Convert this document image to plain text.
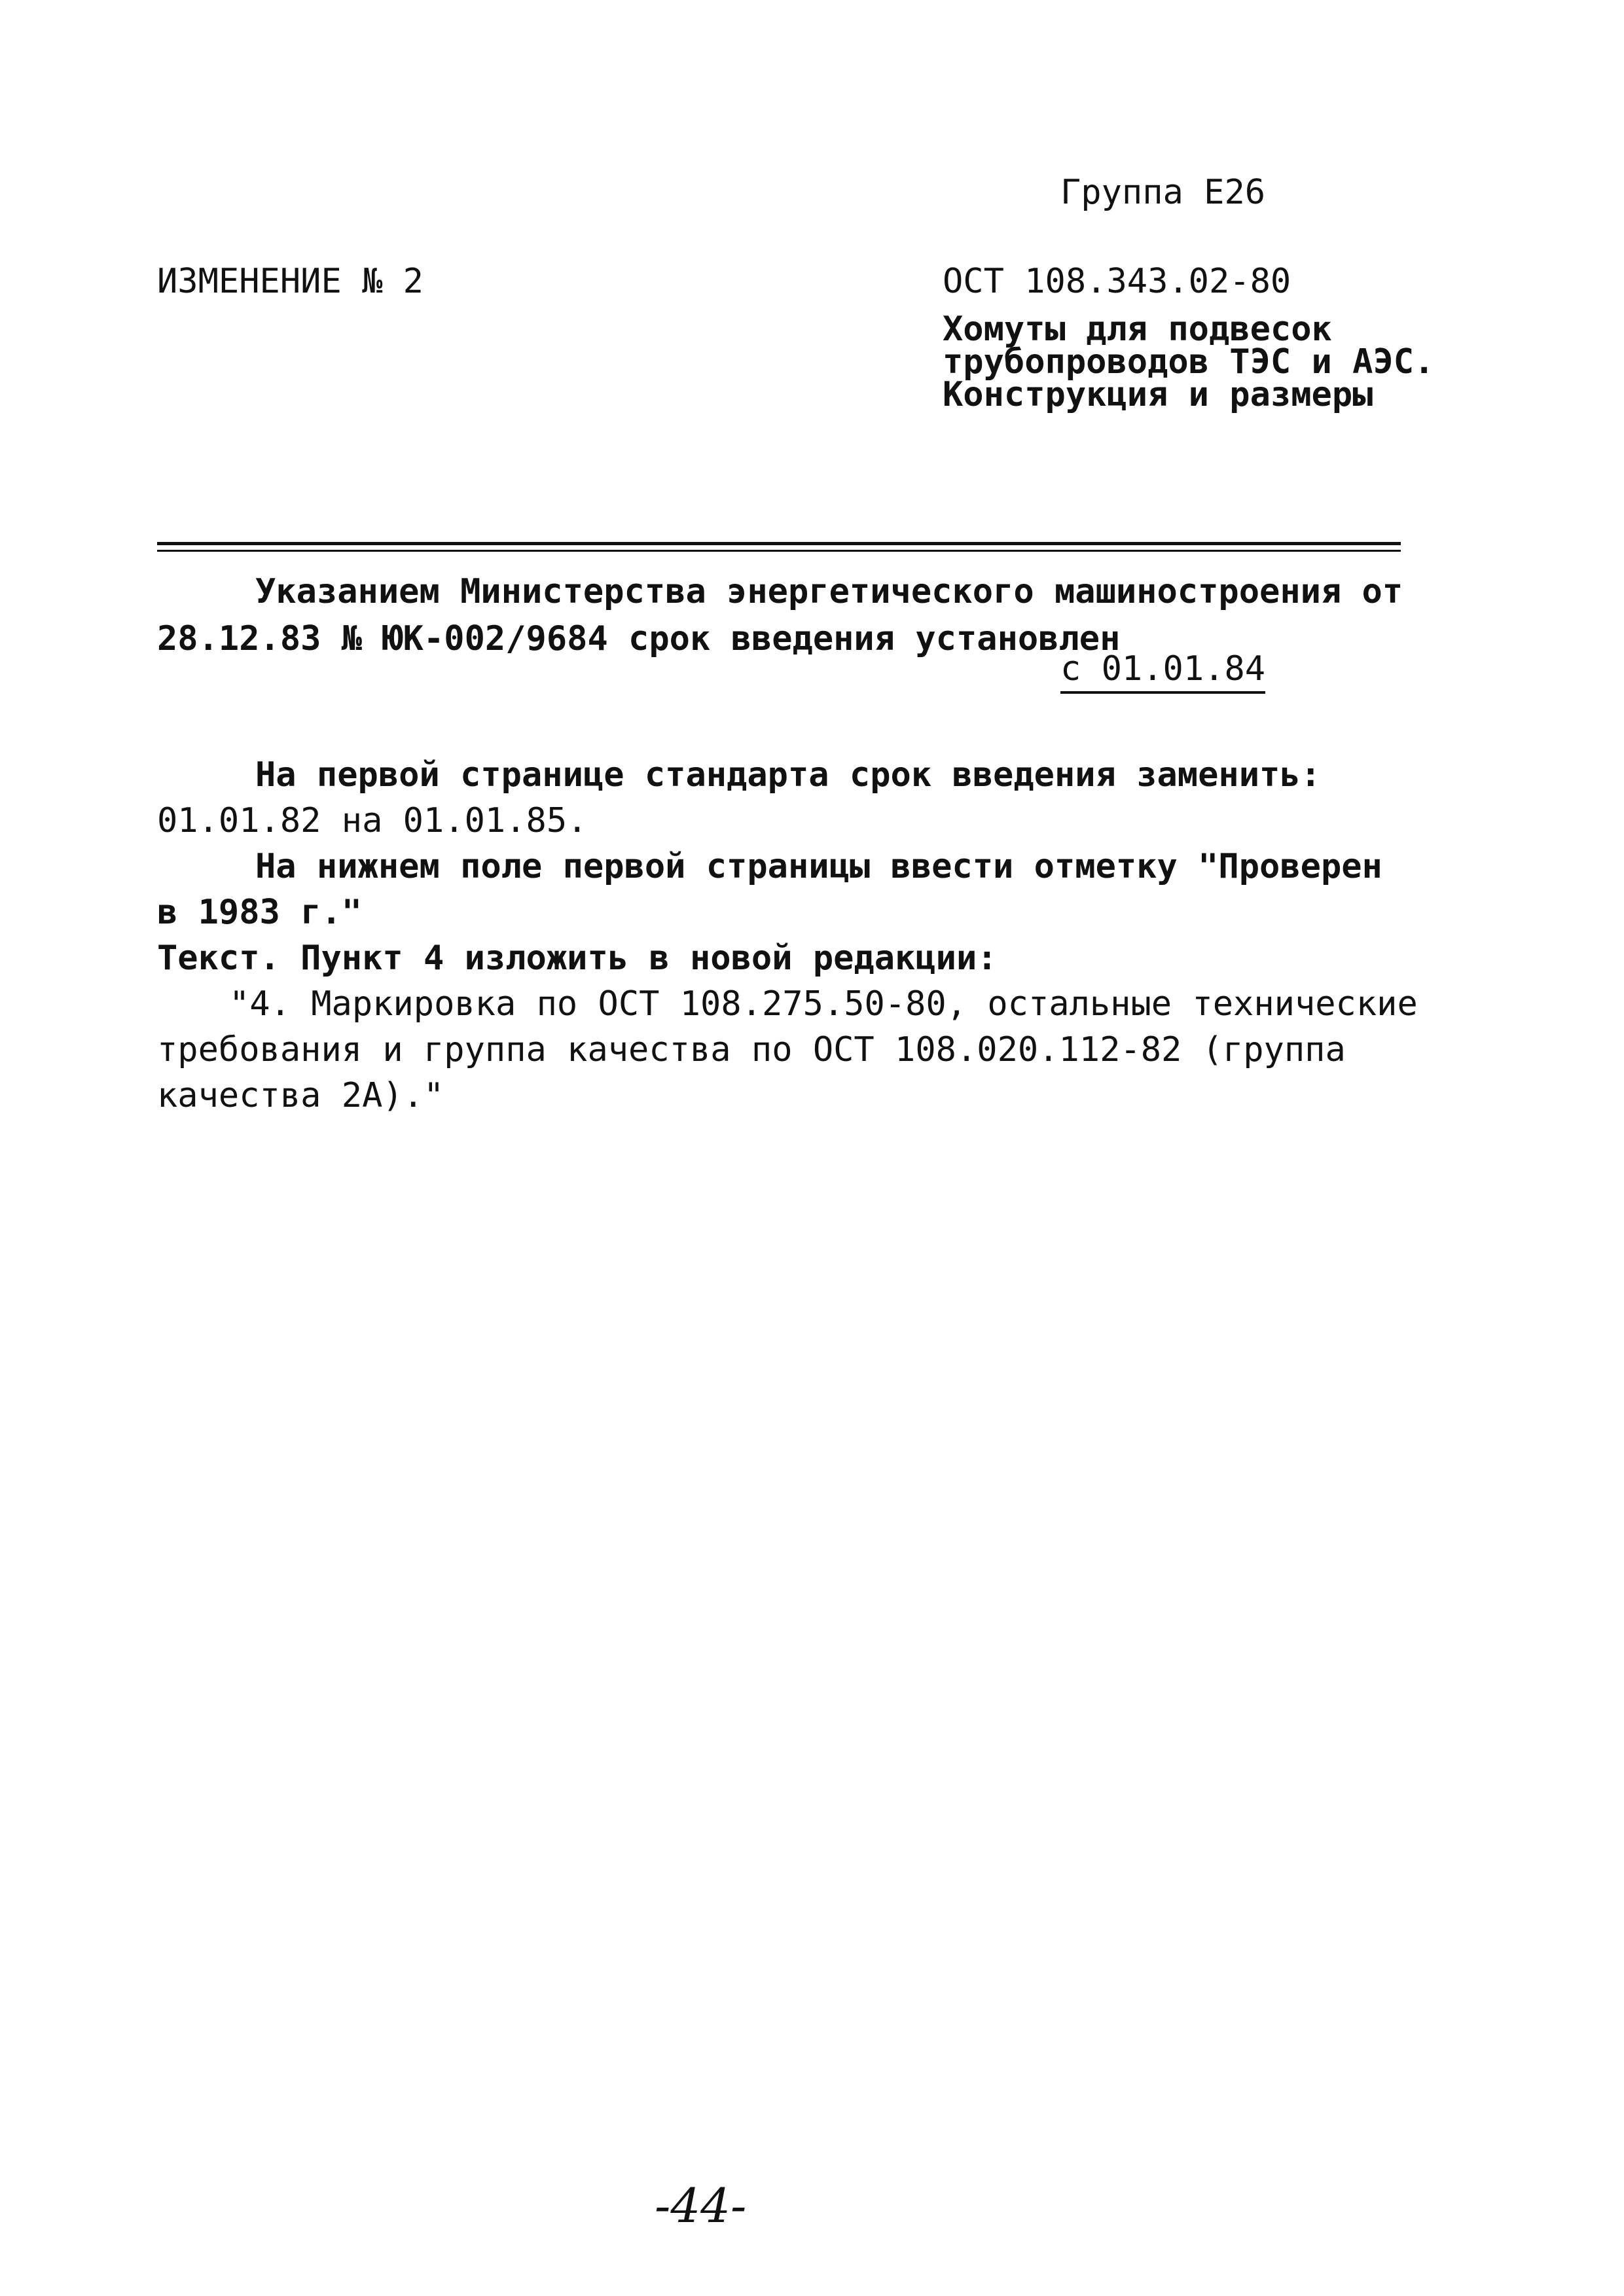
Группа Е26
ИЗМЕНЕНИЕ № 2	ОСТ 108.343.02-80
Хомуты для подвесок
трубопроводов ТЭС и АЭС.
Конструкция и размеры
Указанием Министерства энергетического машиностроения от
28.12.83 № ЮК-002/9684 срок введения установлен
с 01.01.84
На первой странице стандарта срок введения заменить:
01.01.82 на 01.01.85.
На нижнем поле первой страницы ввести отметку "Проверен
в 1983 г."
Текст. Пункт 4 изложить в новой редакции:
"4. Маркировка по ОСТ 108.275.50-80, остальные технические
требования и группа качества по ОСТ 108.020.112-82 (группа
качества 2А)."
-44-
